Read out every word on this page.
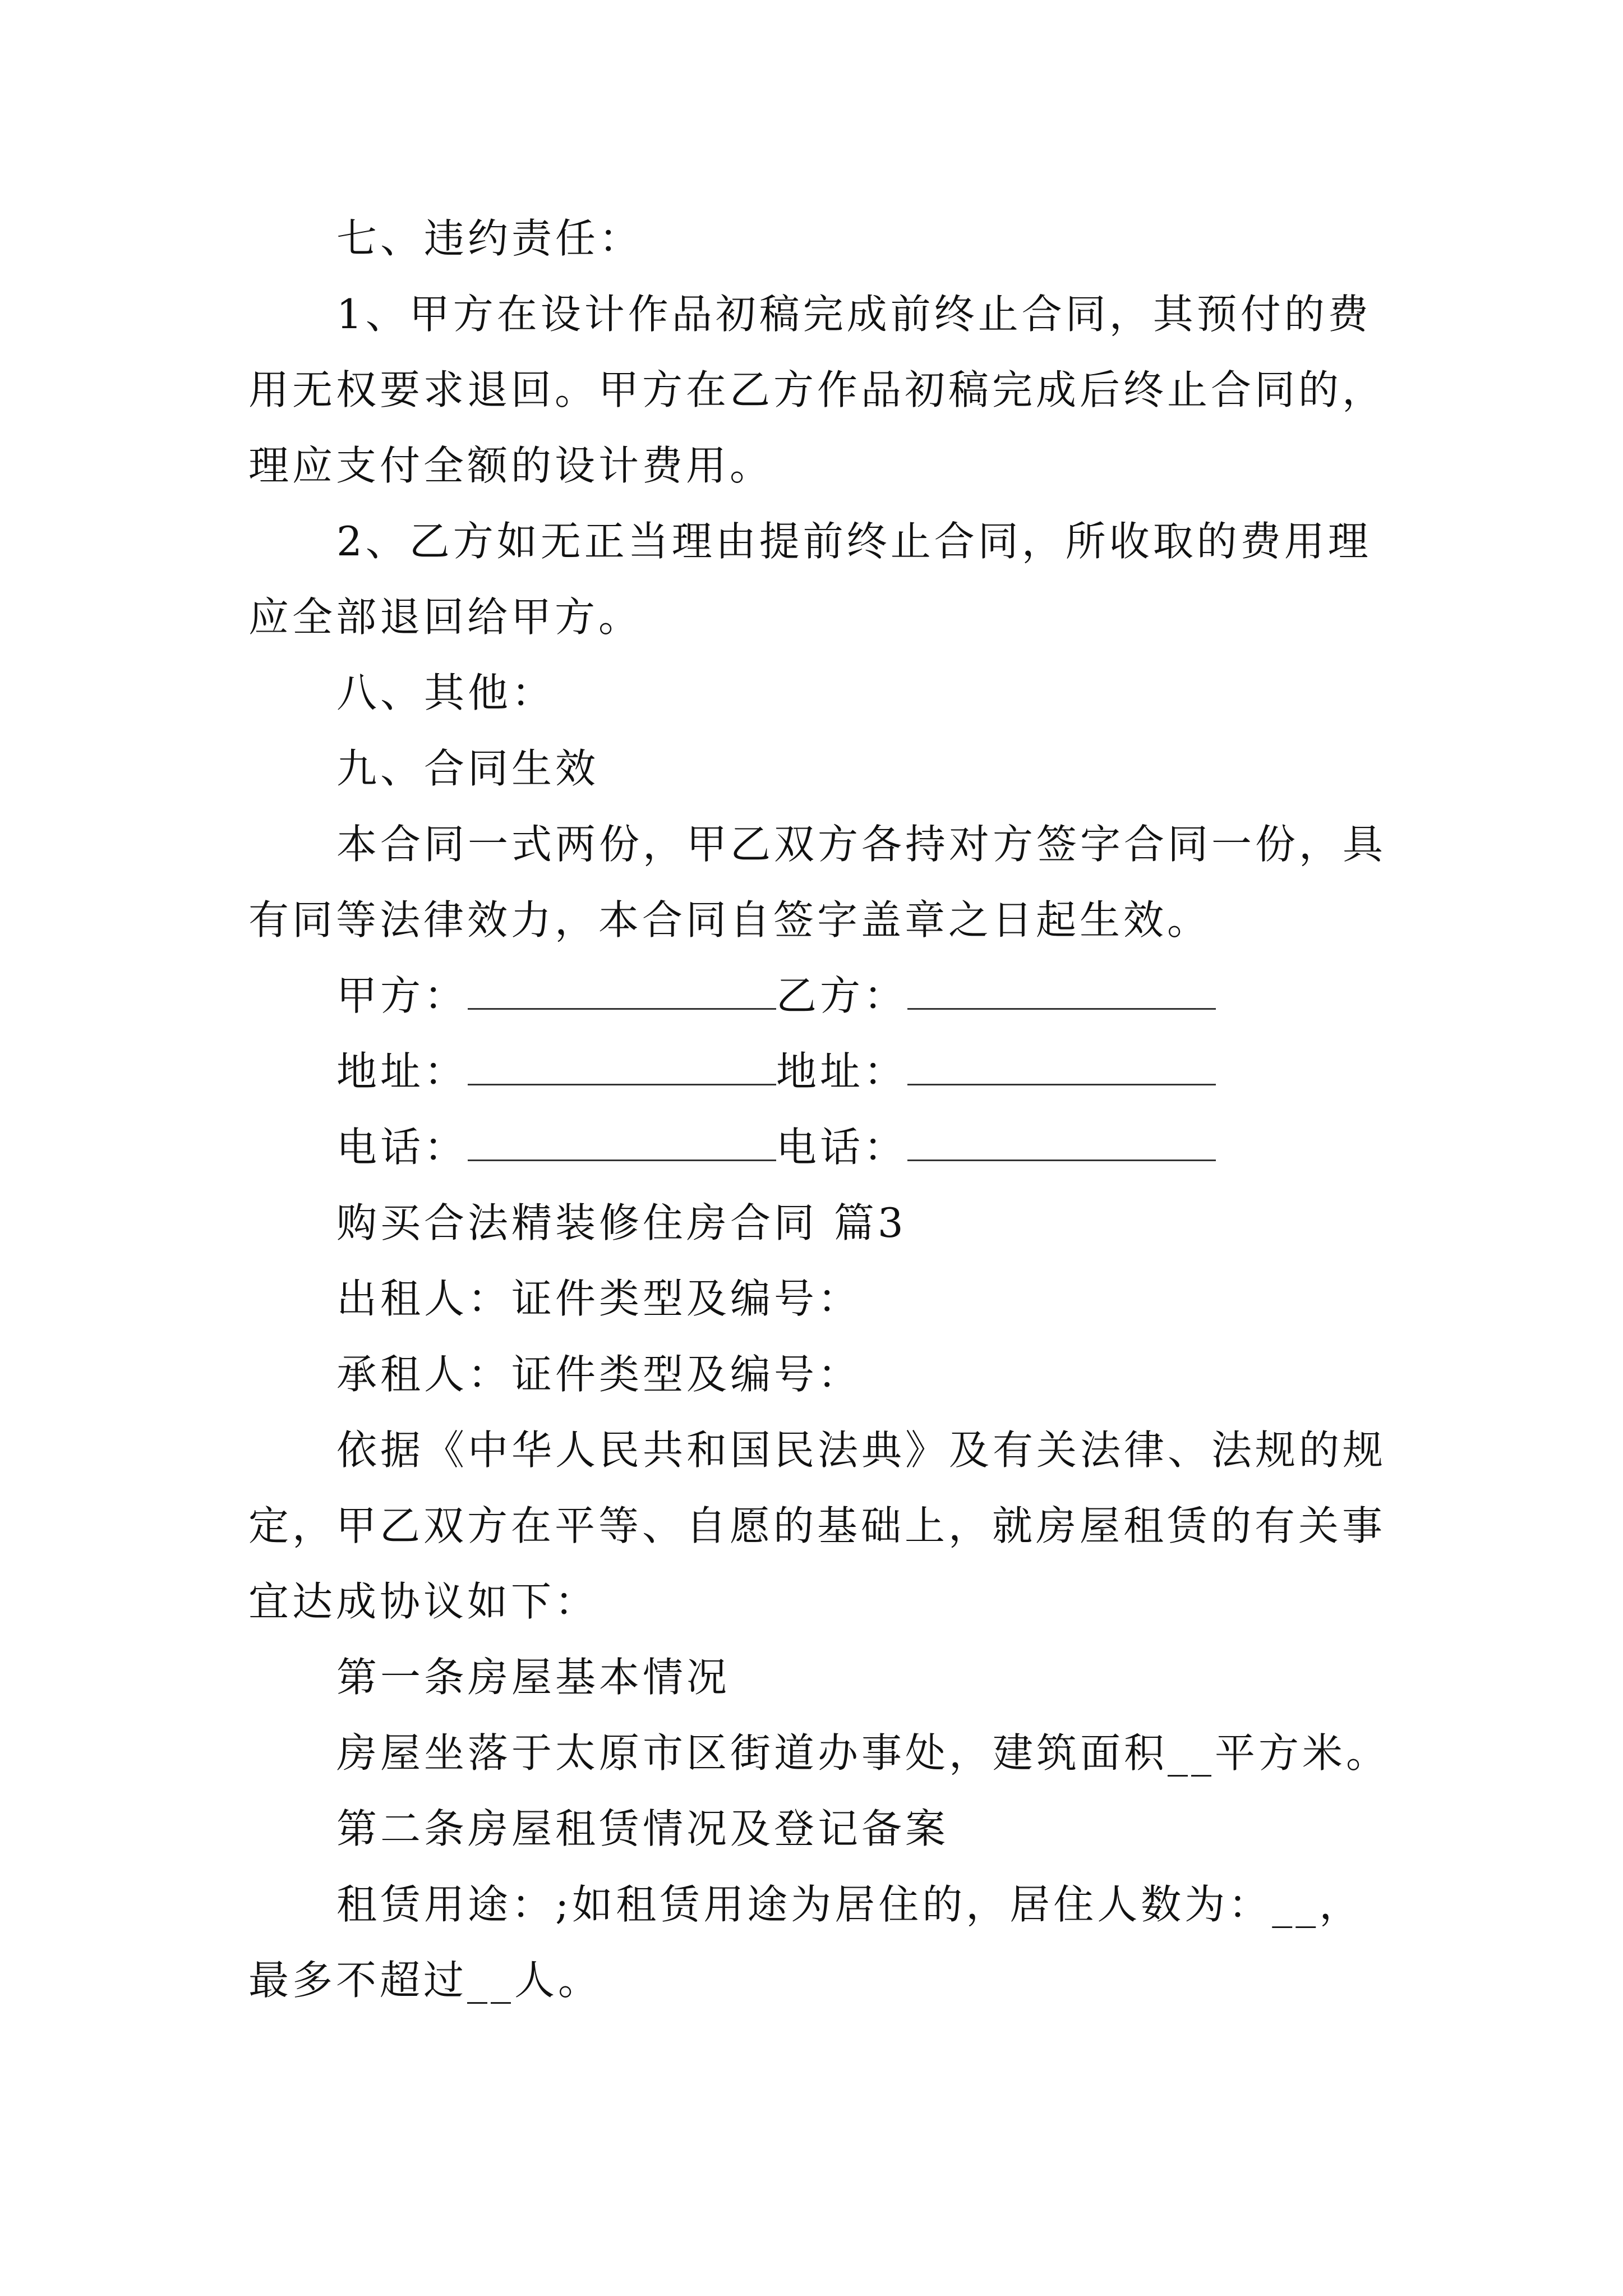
七、违约责任：
1、甲方在设计作品初稿完成前终止合同，其预付的费
用无权要求退回。甲方在乙方作品初稿完成后终止合同的，
理应支付全额的设计费用。
2、乙方如无正当理由提前终止合同，所收取的费用理
应全部退回给甲方。
八、其他：
九、合同生效
本合同一式两份，甲乙双方各持对方签字合同一份，具
有同等法律效力，本合同自签字盖章之日起生效。
甲方：	乙方：
地址：	地址：
电话：	电话：
购买合法精装修住房合同 篇3
出租人：证件类型及编号：
承租人：证件类型及编号：
依据《中华人民共和国民法典》及有关法律、法规的规
定，甲乙双方在平等、自愿的基础上，就房屋租赁的有关事
宜达成协议如下：
第一条房屋基本情况
房屋坐落于太原市区街道办事处，建筑面积__平方米。
第二条房屋租赁情况及登记备案
租赁用途：;如租赁用途为居住的，居住人数为：__，
最多不超过__人。
